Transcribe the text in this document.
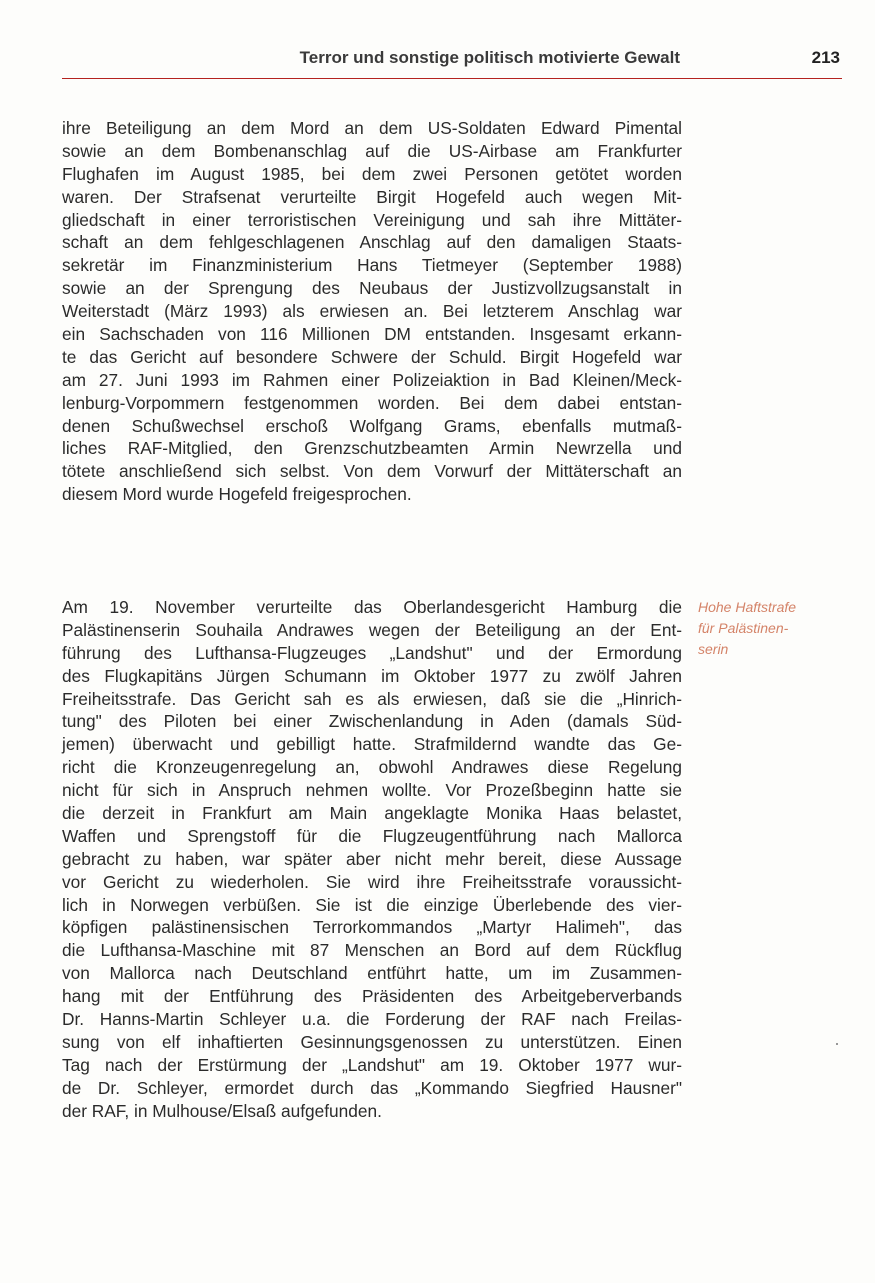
Terror und sonstige politisch motivierte Gewalt	213
ihre Beteiligung an dem Mord an dem US-Soldaten Edward Pimental
sowie an dem Bombenanschlag auf die US-Airbase am Frankfurter
Flughafen im August 1985, bei dem zwei Personen getötet worden
waren. Der Strafsenat verurteilte Birgit Hogefeld auch wegen Mit-
gliedschaft in einer terroristischen Vereinigung und sah ihre Mittäter-
schaft an dem fehlgeschlagenen Anschlag auf den damaligen Staats-
sekretär im Finanzministerium Hans Tietmeyer (September 1988)
sowie an der Sprengung des Neubaus der Justizvollzugsanstalt in
Weiterstadt (März 1993) als erwiesen an. Bei letzterem Anschlag war
ein Sachschaden von 116 Millionen DM entstanden. Insgesamt erkann-
te das Gericht auf besondere Schwere der Schuld. Birgit Hogefeld war
am 27. Juni 1993 im Rahmen einer Polizeiaktion in Bad Kleinen/Meck-
lenburg-Vorpommern festgenommen worden. Bei dem dabei entstan-
denen Schußwechsel erschoß Wolfgang Grams, ebenfalls mutmaß-
liches RAF-Mitglied, den Grenzschutzbeamten Armin Newrzella und
tötete anschließend sich selbst. Von dem Vorwurf der Mittäterschaft an
diesem Mord wurde Hogefeld freigesprochen.
Am 19. November verurteilte das Oberlandesgericht Hamburg die
Palästinenserin Souhaila Andrawes wegen der Beteiligung an der Ent-
führung des Lufthansa-Flugzeuges „Landshut" und der Ermordung
des Flugkapitäns Jürgen Schumann im Oktober 1977 zu zwölf Jahren
Freiheitsstrafe. Das Gericht sah es als erwiesen, daß sie die „Hinrich-
tung" des Piloten bei einer Zwischenlandung in Aden (damals Süd-
jemen) überwacht und gebilligt hatte. Strafmildernd wandte das Ge-
richt die Kronzeugenregelung an, obwohl Andrawes diese Regelung
nicht für sich in Anspruch nehmen wollte. Vor Prozeßbeginn hatte sie
die derzeit in Frankfurt am Main angeklagte Monika Haas belastet,
Waffen und Sprengstoff für die Flugzeugentführung nach Mallorca
gebracht zu haben, war später aber nicht mehr bereit, diese Aussage
vor Gericht zu wiederholen. Sie wird ihre Freiheitsstrafe voraussicht-
lich in Norwegen verbüßen. Sie ist die einzige Überlebende des vier-
köpfigen palästinensischen Terrorkommandos „Martyr Halimeh", das
die Lufthansa-Maschine mit 87 Menschen an Bord auf dem Rückflug
von Mallorca nach Deutschland entführt hatte, um im Zusammen-
hang mit der Entführung des Präsidenten des Arbeitgeberverbands
Dr. Hanns-Martin Schleyer u.a. die Forderung der RAF nach Freilas-
sung von elf inhaftierten Gesinnungsgenossen zu unterstützen. Einen
Tag nach der Erstürmung der „Landshut" am 19. Oktober 1977 wur-
de Dr. Schleyer, ermordet durch das „Kommando Siegfried Hausner"
der RAF, in Mulhouse/Elsaß aufgefunden.
Hohe Haftstrafe
für Palästinen-
serin
